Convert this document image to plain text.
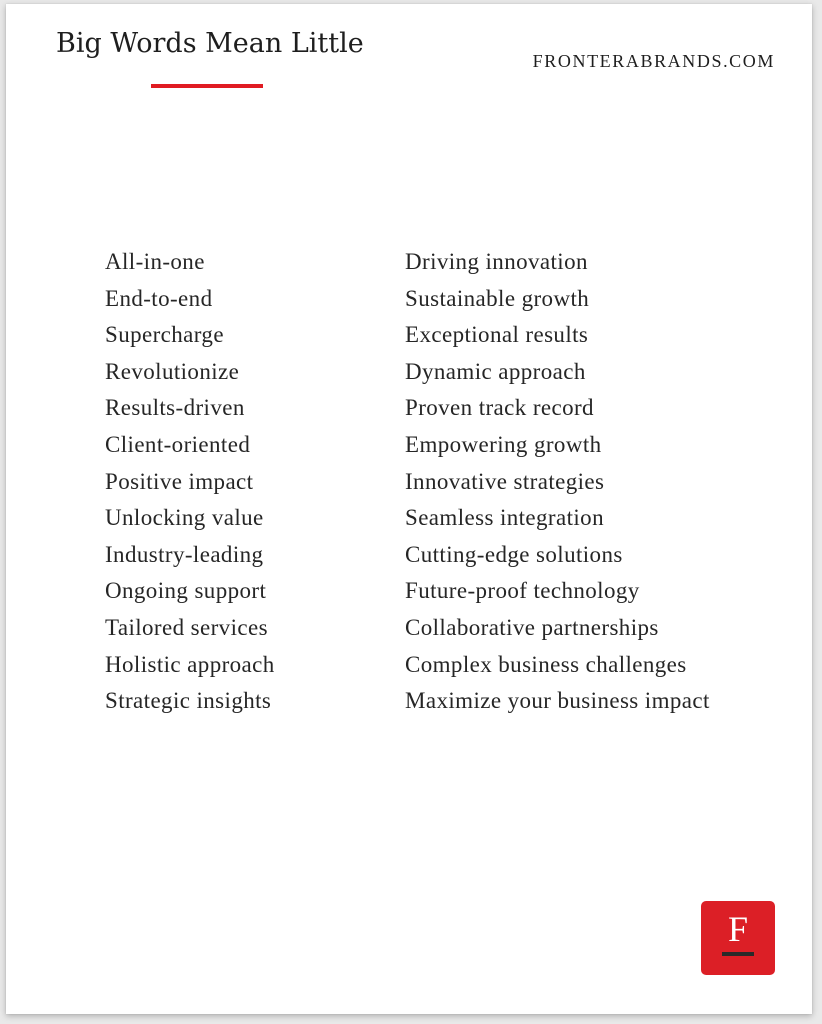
Big Words Mean Little
FRONTERABRANDS.COM
All-in-one
End-to-end
Supercharge
Revolutionize
Results-driven
Client-oriented
Positive impact
Unlocking value
Industry-leading
Ongoing support
Tailored services
Holistic approach
Strategic insights
Driving innovation
Sustainable growth
Exceptional results
Dynamic approach
Proven track record
Empowering growth
Innovative strategies
Seamless integration
Cutting-edge solutions
Future-proof technology
Collaborative partnerships
Complex business challenges
Maximize your business impact
F
